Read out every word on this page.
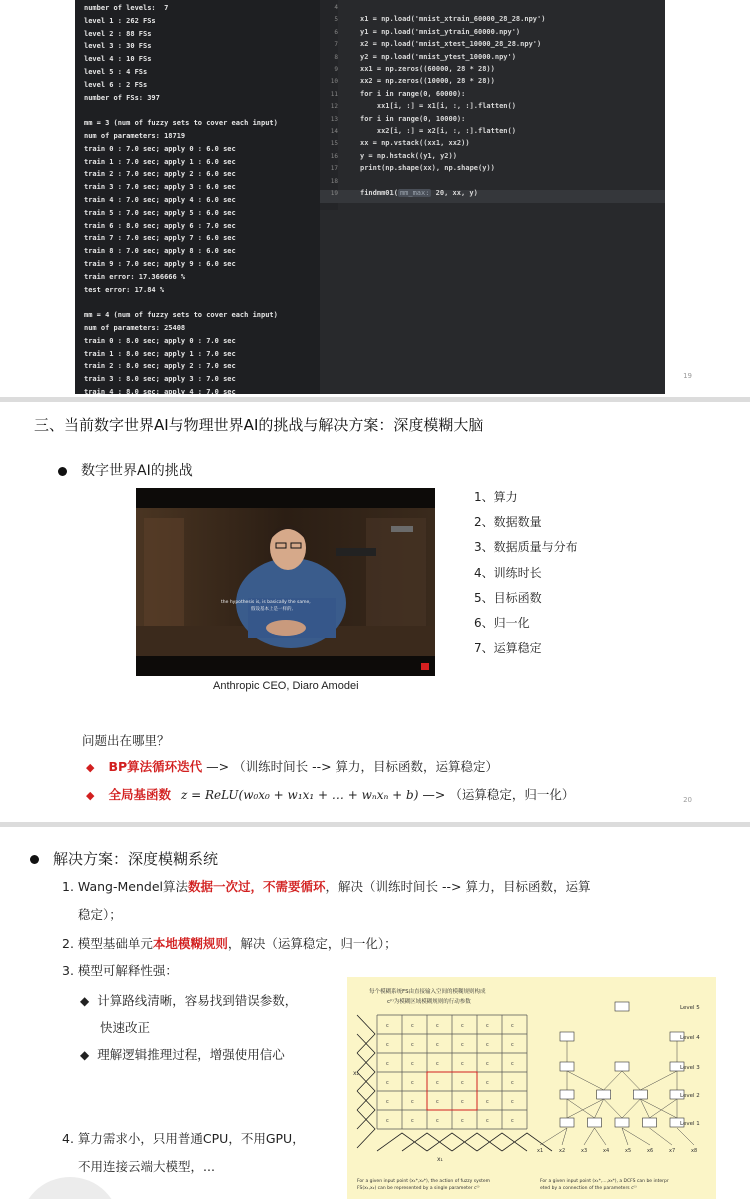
number of levels:  7
level 1 : 262 FSs
level 2 : 88 FSs
level 3 : 30 FSs
level 4 : 10 FSs
level 5 : 4 FSs
level 6 : 2 FSs
number of FSs: 397

mm = 3 (num of fuzzy sets to cover each input)
num of parameters: 18719
train 0 : 7.0 sec; apply 0 : 6.0 sec
train 1 : 7.0 sec; apply 1 : 6.0 sec
train 2 : 7.0 sec; apply 2 : 6.0 sec
train 3 : 7.0 sec; apply 3 : 6.0 sec
train 4 : 7.0 sec; apply 4 : 6.0 sec
train 5 : 7.0 sec; apply 5 : 6.0 sec
train 6 : 8.0 sec; apply 6 : 7.0 sec
train 7 : 7.0 sec; apply 7 : 6.0 sec
train 8 : 7.0 sec; apply 8 : 6.0 sec
train 9 : 7.0 sec; apply 9 : 6.0 sec
train error: 17.366666 %
test error: 17.84 %

mm = 4 (num of fuzzy sets to cover each input)
num of parameters: 25408
train 0 : 8.0 sec; apply 0 : 7.0 sec
train 1 : 8.0 sec; apply 1 : 7.0 sec
train 2 : 8.0 sec; apply 2 : 7.0 sec
train 3 : 8.0 sec; apply 3 : 7.0 sec
train 4 : 8.0 sec; apply 4 : 7.0 sec
4
5	x1 = np.load('mnist_xtrain_60000_28_28.npy')
6	y1 = np.load('mnist_ytrain_60000.npy')
7	x2 = np.load('mnist_xtest_10000_28_28.npy')
8	y2 = np.load('mnist_ytest_10000.npy')
9	xx1 = np.zeros((60000, 28 * 28))
10	xx2 = np.zeros((10000, 28 * 28))
11	for i in range(0, 60000):
12	xx1[i, :] = x1[i, :, :].flatten()
13	for i in range(0, 10000):
14	xx2[i, :] = x2[i, :, :].flatten()
15	xx = np.vstack((xx1, xx2))
16	y = np.hstack((y1, y2))
17	print(np.shape(xx), np.shape(y))
18
19	findmm01( mm_max: 20, xx, y)
19
三、当前数字世界AI与物理世界AI的挑战与解决方案：深度模糊大脑
数字世界AI的挑战
the hypothesis is, is basically the same,
假设基本上是一样的,
Anthropic CEO, Diaro Amodei
1、算力
2、数据数量
3、数据质量与分布
4、训练时长
5、目标函数
6、归一化
7、运算稳定
问题出在哪里？
◆ BP算法循环迭代 —> （训练时间长 --> 算力，目标函数，运算稳定）
◆ 全局基函数 z = ReLU(w₀x₀ + w₁x₁ + … + wₙxₙ + b) —> （运算稳定，归一化）	20
解决方案：深度模糊系统
1. Wang-Mendel算法数据一次过，不需要循环，解决（训练时间长 --> 算力，目标函数，运算
稳定）；
2. 模型基础单元本地模糊规则，解决（运算稳定，归一化）；
3. 模型可解释性强：
◆ 计算路线清晰，容易找到错误参数，
快速改正
◆ 理解逻辑推理过程，增强使用信心
4. 算力需求小，只用普通CPU，不用GPU，
不用连接云端大模型，...
每个模糊系统FS由直接输入空间的模糊规则构成
c⁽ⁱ⁾为模糊区域模糊规则的行动参数
c	c	c	c	c	c
c	c	c	c	c	c
c	c	c	c	c	c
c	c	c	c	c	c
c	c	c	c	c	c
c	c	c	c	c	c
x₁
x₂
For a given input point (x₁*,x₂*), the action of fuzzy system
FS(x₁,x₂) can be represented by a single parameter c⁽ⁱ⁾
Level 5
Level 4
Level 3
Level 2
Level 1
x1	x2	x3	x4	x5	x6	x7	x8
For a given input point (x₁*,...,x₈*), a DCFS can be interpr
eted by a connection of the parameters c⁽ⁱ⁾
